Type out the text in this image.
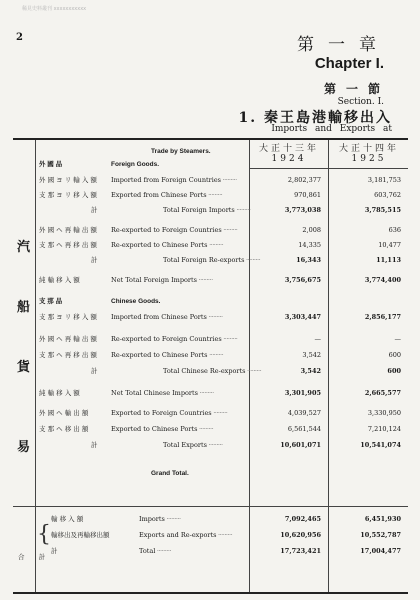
稀見史料叢刊 xxxxxxxxxxx
2	第一章
Chapter I.
第一節
Section. I.
1. 秦王島港輸移出入
Imports and Exports at
大正十三年
1924
大正十四年
1925
汽
船
貨
易
合 計
{
Trade by Steamers.
外 國 品	Foreign Goods.
外 國 ヨ リ 輸 入 額 Imported from Foreign Countries ·········	2,802,377	3,181,753
支 那 ヨ リ 移 入 額 Exported from Chinese Ports ·········	970,861	603,762
計	Total Foreign Imports ·········	3,773,038	3,785,515
外 國 ヘ 再 輸 出 額 Re-exported to Foreign Countries ·········	2,008	636
支 那 ヘ 再 移 出 額 Re-exported to Chinese Ports ·········	14,335	10,477
計	Total Foreign Re-exports ·········	16,343	11,113
純 輸 移 入 額	Net Total Foreign Imports ·········	3,756,675	3,774,400
支 那 品	Chinese Goods.
支 那 ヨ リ 移 入 額 Imported from Chinese Ports ·········	3,303,447	2,856,177
外 國 ヘ 再 輸 出 額 Re-exported to Foreign Countries ·········	—	—
支 那 ヘ 再 移 出 額 Re-exported to Chinese Ports ·········	3,542	600
計	Total Chinese Re-exports ·········	3,542	600
純 輸 移 入 額	Net Total Chinese Imports ·········	3,301,905	2,665,577
外 國 ヘ 輸 出 額	Exported to Foreign Countries ·········	4,039,527	3,330,950
支 那 ヘ 移 出 額	Exported to Chinese Ports ·········	6,561,544	7,210,124
計	Total Exports ·········	10,601,071	10,541,074
Grand Total.
輸 移 入 額	Imports ·········	7,092,465	6,451,930
輸移出及再輸移出額	Exports and Re-exports ·········	10,620,956	10,552,787
計	Total ·········	17,723,421	17,004,477
